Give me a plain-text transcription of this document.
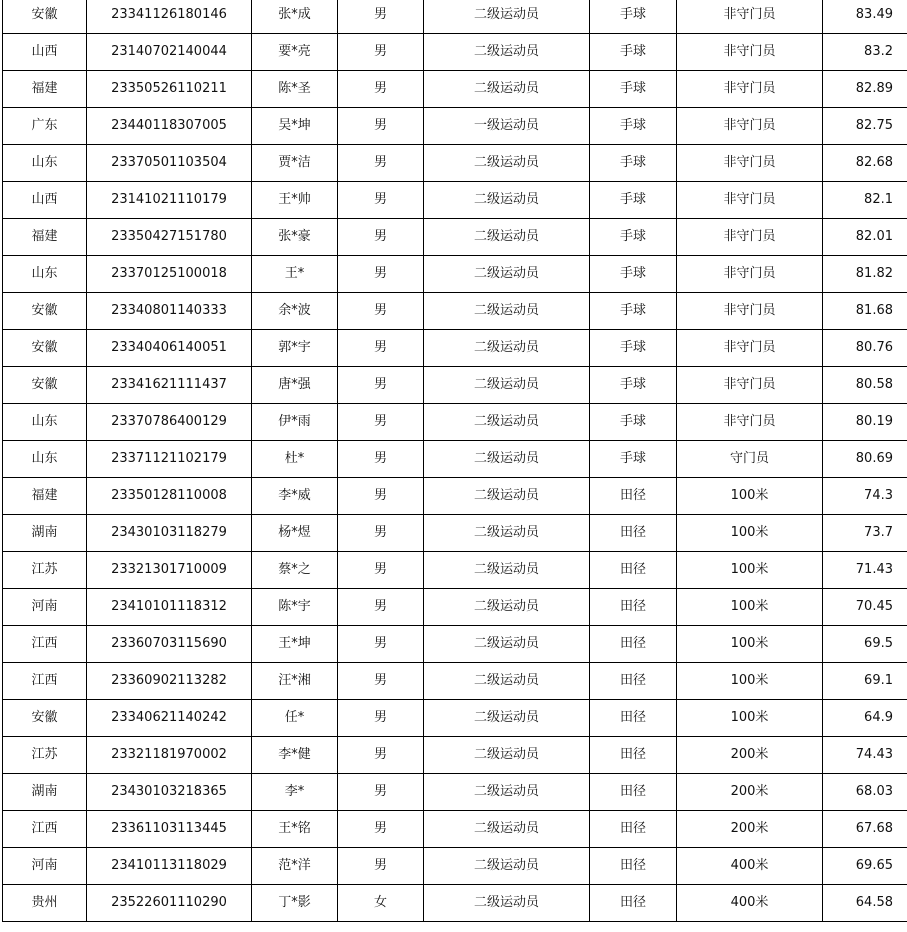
安徽	23341126180146	张*成	男	二级运动员	手球	非守门员	83.49
山西	23140702140044	要*亮	男	二级运动员	手球	非守门员	83.2
福建	23350526110211	陈*圣	男	二级运动员	手球	非守门员	82.89
广东	23440118307005	吴*坤	男	一级运动员	手球	非守门员	82.75
山东	23370501103504	贾*洁	男	二级运动员	手球	非守门员	82.68
山西	23141021110179	王*帅	男	二级运动员	手球	非守门员	82.1
福建	23350427151780	张*豪	男	二级运动员	手球	非守门员	82.01
山东	23370125100018	王*	男	二级运动员	手球	非守门员	81.82
安徽	23340801140333	余*波	男	二级运动员	手球	非守门员	81.68
安徽	23340406140051	郭*宇	男	二级运动员	手球	非守门员	80.76
安徽	23341621111437	唐*强	男	二级运动员	手球	非守门员	80.58
山东	23370786400129	伊*雨	男	二级运动员	手球	非守门员	80.19
山东	23371121102179	杜*	男	二级运动员	手球	守门员	80.69
福建	23350128110008	李*威	男	二级运动员	田径	100米	74.3
湖南	23430103118279	杨*煜	男	二级运动员	田径	100米	73.7
江苏	23321301710009	蔡*之	男	二级运动员	田径	100米	71.43
河南	23410101118312	陈*宇	男	二级运动员	田径	100米	70.45
江西	23360703115690	王*坤	男	二级运动员	田径	100米	69.5
江西	23360902113282	汪*湘	男	二级运动员	田径	100米	69.1
安徽	23340621140242	任*	男	二级运动员	田径	100米	64.9
江苏	23321181970002	李*健	男	二级运动员	田径	200米	74.43
湖南	23430103218365	李*	男	二级运动员	田径	200米	68.03
江西	23361103113445	王*铭	男	二级运动员	田径	200米	67.68
河南	23410113118029	范*洋	男	二级运动员	田径	400米	69.65
贵州	23522601110290	丁*影	女	二级运动员	田径	400米	64.58
